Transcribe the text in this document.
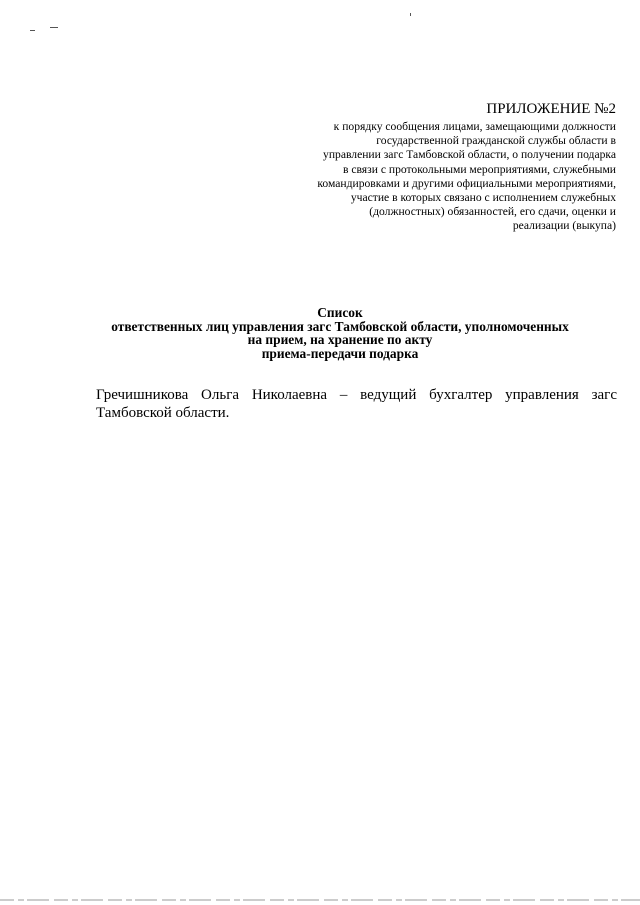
ПРИЛОЖЕНИЕ №2
к порядку сообщения лицами, замещающими должности государственной гражданской службы области в управлении загс Тамбовской области, о получении подарка в связи с протокольными мероприятиями, служебными командировками и другими официальными мероприятиями, участие в которых связано с исполнением служебных (должностных) обязанностей, его сдачи, оценки и реализации (выкупа)
Список
ответственных лиц управления загс Тамбовской области, уполномоченных
на прием, на хранение по акту
приема-передачи подарка
Гречишникова Ольга Николаевна – ведущий бухгалтер управления загс Тамбовской области.
